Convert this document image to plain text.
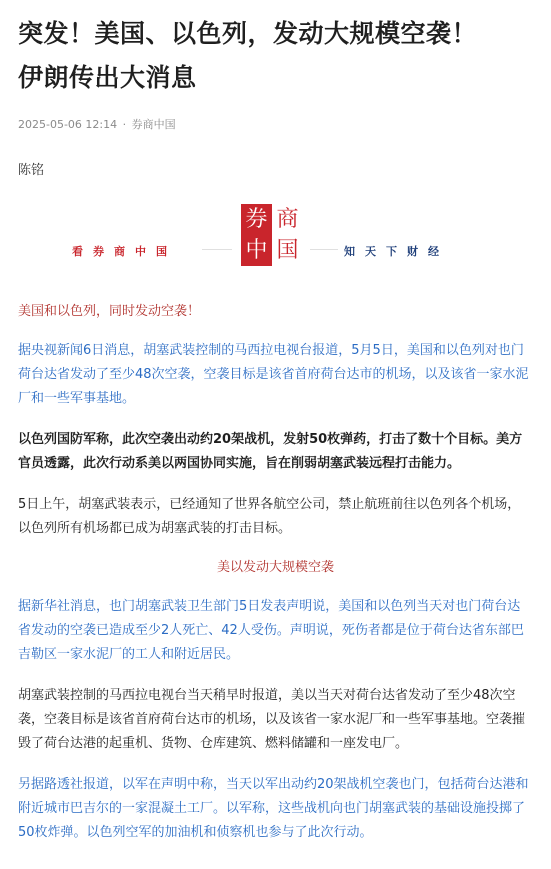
突发！美国、以色列，发动大规模空袭！
伊朗传出大消息
2025-05-06 12:14 · 券商中国
陈铭
看券商中国
券 商
中 国	知天下财经

美国和以色列，同时发动空袭！

据央视新闻6日消息，胡塞武装控制的马西拉电视台报道，5月5日，美国和以色列对也门荷台达省发动了至少48次空袭，空袭目标是该省首府荷台达市的机场，以及该省一家水泥厂和一些军事基地。

以色列国防军称，此次空袭出动约20架战机，发射50枚弹药，打击了数十个目标。美方官员透露，此次行动系美以两国协同实施，旨在削弱胡塞武装远程打击能力。

5日上午，胡塞武装表示，已经通知了世界各航空公司，禁止航班前往以色列各个机场，以色列所有机场都已成为胡塞武装的打击目标。

美以发动大规模空袭

据新华社消息，也门胡塞武装卫生部门5日发表声明说，美国和以色列当天对也门荷台达省发动的空袭已造成至少2人死亡、42人受伤。声明说，死伤者都是位于荷台达省东部巴吉勒区一家水泥厂的工人和附近居民。

胡塞武装控制的马西拉电视台当天稍早时报道，美以当天对荷台达省发动了至少48次空袭，空袭目标是该省首府荷台达市的机场，以及该省一家水泥厂和一些军事基地。空袭摧毁了荷台达港的起重机、货物、仓库建筑、燃料储罐和一座发电厂。

另据路透社报道，以军在声明中称，当天以军出动约20架战机空袭也门，包括荷台达港和附近城市巴吉尔的一家混凝土工厂。以军称，这些战机向也门胡塞武装的基础设施投掷了50枚炸弹。以色列空军的加油机和侦察机也参与了此次行动。
